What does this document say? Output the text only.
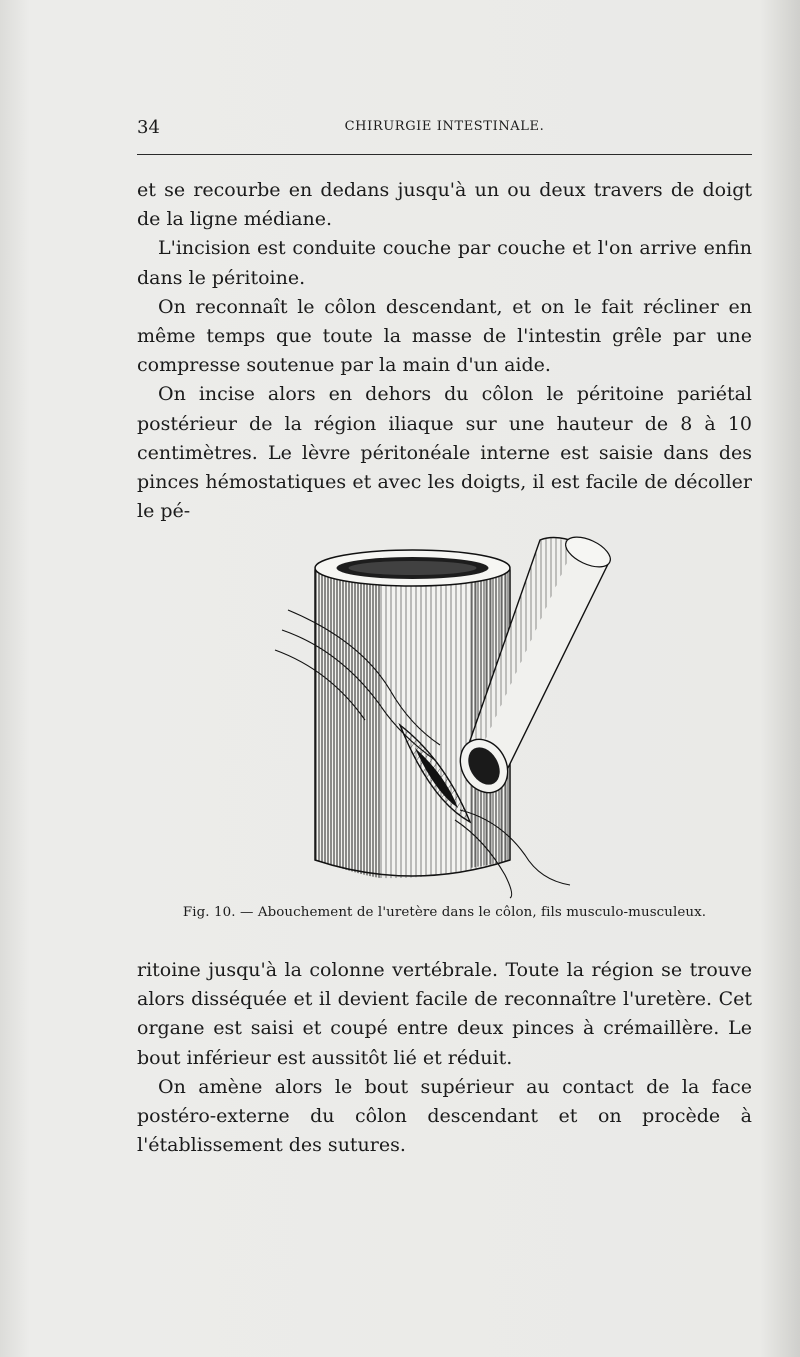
34	CHIRURGIE INTESTINALE.

et se recourbe en dedans jusqu'à un ou deux travers de doigt de la ligne médiane.

L'incision est conduite couche par couche et l'on arrive enfin dans le péritoine.

On reconnaît le côlon descendant, et on le fait récliner en même temps que toute la masse de l'intestin grêle par une compresse soutenue par la main d'un aide.

On incise alors en dehors du côlon le péritoine pariétal postérieur de la région iliaque sur une hauteur de 8 à 10 centimètres. Le lèvre péritonéale interne est saisie dans des pinces hémostatiques et avec les doigts, il est facile de décoller le pé-

Fig. 10. — Abouchement de l'uretère dans le côlon, fils musculo-musculeux.

ritoine jusqu'à la colonne vertébrale. Toute la région se trouve alors disséquée et il devient facile de reconnaître l'uretère. Cet organe est saisi et coupé entre deux pinces à crémaillère. Le bout inférieur est aussitôt lié et réduit.

On amène alors le bout supérieur au contact de la face postéro-externe du côlon descendant et on procède à l'établissement des sutures.
